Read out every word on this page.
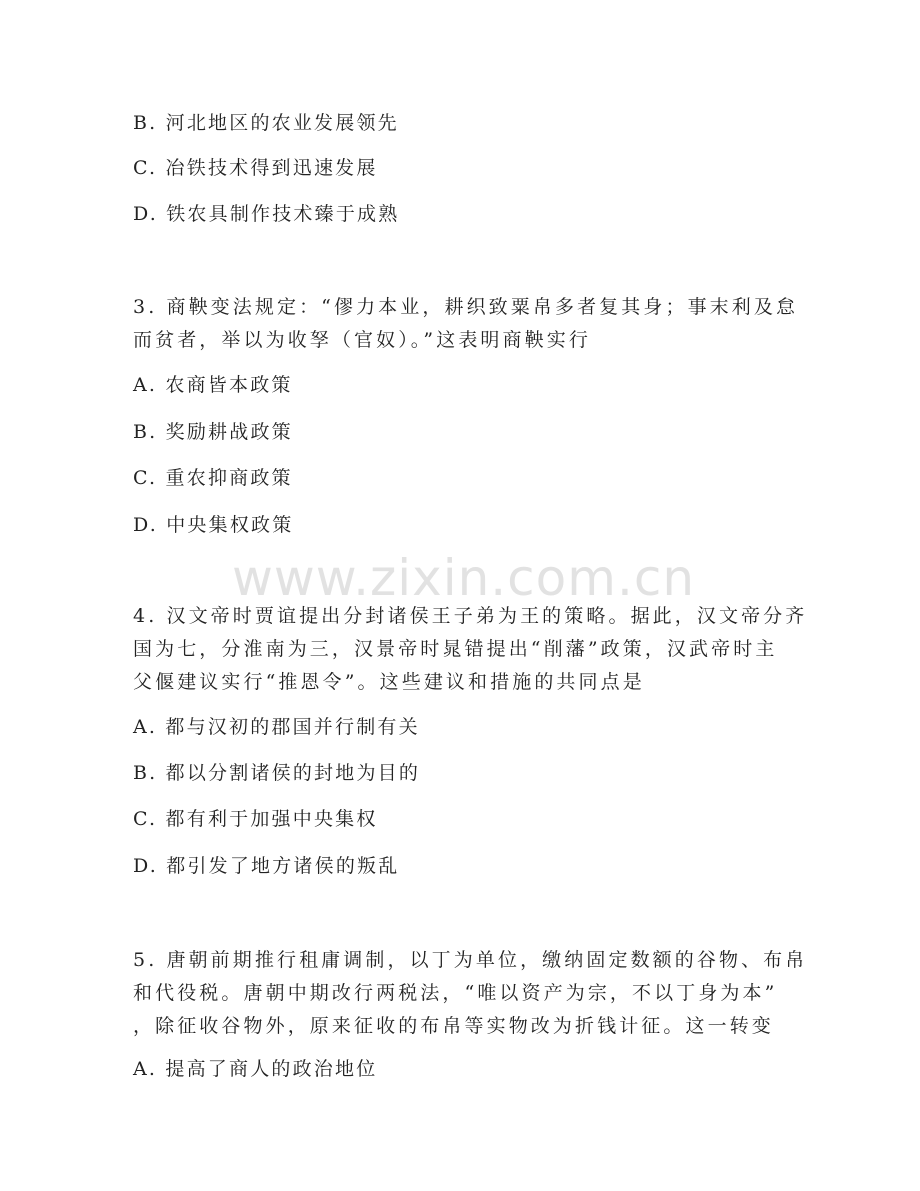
www.zixin.com.cn
B. 河北地区的农业发展领先
C. 冶铁技术得到迅速发展
D. 铁农具制作技术臻于成熟
3. 商鞅变法规定：“僇力本业，耕织致粟帛多者复其身；事末利及怠
而贫者，举以为收孥（官奴）。”这表明商鞅实行
A. 农商皆本政策
B. 奖励耕战政策
C. 重农抑商政策
D. 中央集权政策
4. 汉文帝时贾谊提出分封诸侯王子弟为王的策略。据此，汉文帝分齐
国为七，分淮南为三，汉景帝时晁错提出“削藩”政策，汉武帝时主
父偃建议实行“推恩令”。这些建议和措施的共同点是
A. 都与汉初的郡国并行制有关
B. 都以分割诸侯的封地为目的
C. 都有利于加强中央集权
D. 都引发了地方诸侯的叛乱
5. 唐朝前期推行租庸调制，以丁为单位，缴纳固定数额的谷物、布帛
和代役税。唐朝中期改行两税法，“唯以资产为宗，不以丁身为本”
，除征收谷物外，原来征收的布帛等实物改为折钱计征。这一转变
A. 提高了商人的政治地位
